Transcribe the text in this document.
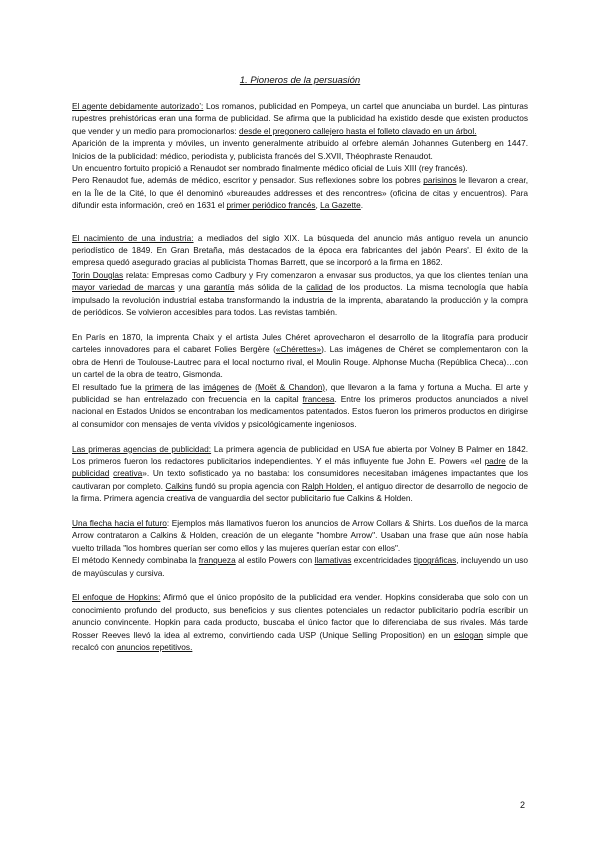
1. Pioneros de la persuasión

El agente debidamente autorizado’: Los romanos, publicidad en Pompeya, un cartel que anunciaba un burdel. Las pinturas rupestres prehistóricas eran una forma de publicidad. Se afirma que la publicidad ha existido desde que existen productos que vender y un medio para promocionarlos: desde el pregonero callejero hasta el folleto clavado en un árbol.
Aparición de la imprenta y móviles, un invento generalmente atribuido al orfebre alemán Johannes Gutenberg en 1447. Inicios de la publicidad: médico, periodista y, publicista francés del S.XVII, Théophraste Renaudot.
Un encuentro fortuito propició a Renaudot ser nombrado finalmente médico oficial de Luis XIII (rey francés).
Pero Renaudot fue, además de médico, escritor y pensador. Sus reflexiones sobre los pobres parisinos le llevaron a crear, en la Île de la Cité, lo que él denominó «bureaudes addresses et des rencontres» (oficina de citas y encuentros). Para difundir esta información, creó en 1631 el primer periódico francés, La Gazette.

El nacimiento de una industria: a mediados del siglo XIX. La búsqueda del anuncio más antiguo revela un anuncio periodístico de 1849. En Gran Bretaña, más destacados de la época era fabricantes del jabón Pears'. El éxito de la empresa quedó asegurado gracias al publicista Thomas Barrett, que se incorporó a la firma en 1862.
Torin Douglas relata: Empresas como Cadbury y Fry comenzaron a envasar sus productos, ya que los clientes tenían una mayor variedad de marcas y una garantía más sólida de la calidad de los productos. La misma tecnología que había impulsado la revolución industrial estaba transformando la industria de la imprenta, abaratando la producción y la compra de periódicos. Se volvieron accesibles para todos. Las revistas también.

En París en 1870, la imprenta Chaix y el artista Jules Chéret aprovecharon el desarrollo de la litografía para producir carteles innovadores para el cabaret Folies Bergère («Chérettes»). Las imágenes de Chéret se complementaron con la obra de Henri de Toulouse-Lautrec para el local nocturno rival, el Moulin Rouge. Alphonse Mucha (República Checa)…con un cartel de la obra de teatro, Gismonda.
El resultado fue la primera de las imágenes de (Moët & Chandon), que llevaron a la fama y fortuna a Mucha. El arte y publicidad se han entrelazado con frecuencia en la capital francesa. Entre los primeros productos anunciados a nivel nacional en Estados Unidos se encontraban los medicamentos patentados. Estos fueron los primeros productos en dirigirse al consumidor con mensajes de venta vívidos y psicológicamente ingeniosos.

Las primeras agencias de publicidad: La primera agencia de publicidad en USA fue abierta por Volney B Palmer en 1842. Los primeros fueron los redactores publicitarios independientes. Y el más influyente fue John E. Powers «el padre de la publicidad creativa». Un texto sofisticado ya no bastaba: los consumidores necesitaban imágenes impactantes que los cautivaran por completo. Calkins fundó su propia agencia con Ralph Holden, el antiguo director de desarrollo de negocio de la firma. Primera agencia creativa de vanguardia del sector publicitario fue Calkins & Holden.

Una flecha hacia el futuro: Ejemplos más llamativos fueron los anuncios de Arrow Collars & Shirts. Los dueños de la marca Arrow contrataron a Calkins & Holden, creación de un elegante "hombre Arrow". Usaban una frase que aún nose había vuelto trillada "los hombres querían ser como ellos y las mujeres querían estar con ellos".
El método Kennedy combinaba la franqueza al estilo Powers con llamativas excentricidades tipográficas, incluyendo un uso de mayúsculas y cursiva.

El enfoque de Hopkins: Afirmó que el único propósito de la publicidad era vender. Hopkins consideraba que solo con un conocimiento profundo del producto, sus beneficios y sus clientes potenciales un redactor publicitario podría escribir un anuncio convincente. Hopkin para cada producto, buscaba el único factor que lo diferenciaba de sus rivales. Más tarde Rosser Reeves llevó la idea al extremo, convirtiendo cada USP (Unique Selling Proposition) en un eslogan simple que recalcó con anuncios repetitivos.

2
